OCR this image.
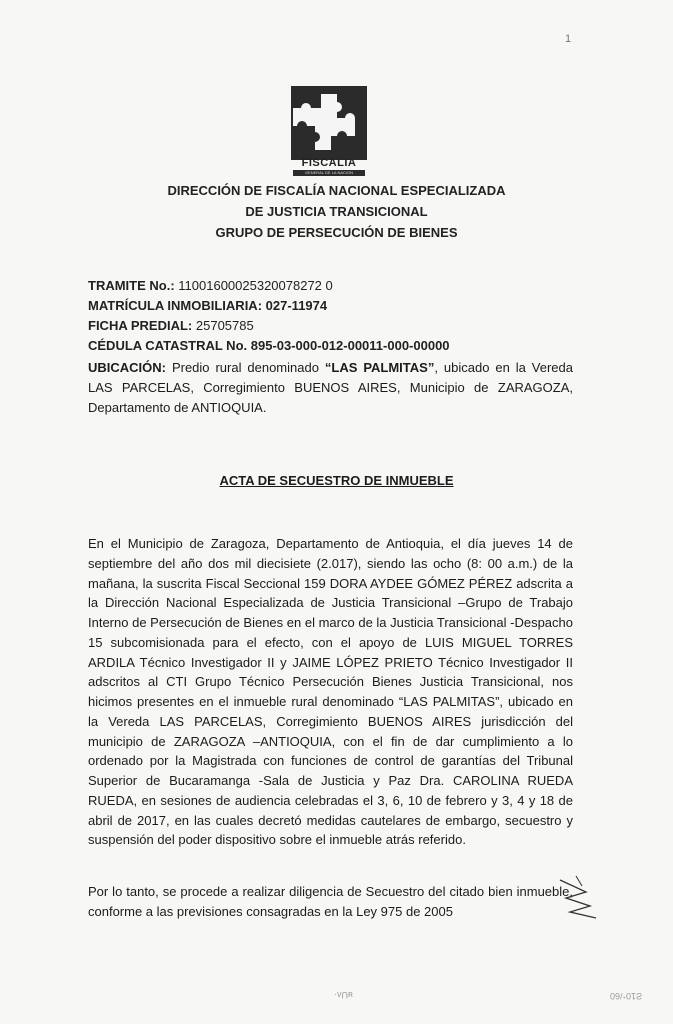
1
FISCALIA
GENERAL DE LA NACION
DIRECCIÓN DE FISCALÍA NACIONAL ESPECIALIZADA
DE JUSTICIA TRANSICIONAL
GRUPO DE PERSECUCIÓN DE BIENES
TRAMITE No.: 11001600025320078272 0
MATRÍCULA INMOBILIARIA: 027-11974
FICHA PREDIAL: 25705785
CÉDULA CATASTRAL No. 895-03-000-012-00011-000-00000
UBICACIÓN: Predio rural denominado “LAS PALMITAS”, ubicado en la Vereda LAS PARCELAS, Corregimiento BUENOS AIRES, Municipio de ZARAGOZA, Departamento de ANTIOQUIA.
ACTA DE SECUESTRO DE INMUEBLE
En el Municipio de Zaragoza, Departamento de Antioquia, el día jueves 14 de septiembre del año dos mil diecisiete (2.017), siendo las ocho (8: 00 a.m.) de la mañana, la suscrita Fiscal Seccional 159 DORA AYDEE GÓMEZ PÉREZ adscrita a la Dirección Nacional Especializada de Justicia Transicional –Grupo de Trabajo Interno de Persecución de Bienes en el marco de la Justicia Transicional -Despacho 15 subcomisionada para el efecto, con el apoyo de LUIS MIGUEL TORRES ARDILA Técnico Investigador II y JAIME LÓPEZ PRIETO Técnico Investigador II adscritos al CTI Grupo Técnico Persecución Bienes Justicia Transicional, nos hicimos presentes en el inmueble rural denominado “LAS PALMITAS”, ubicado en la Vereda LAS PARCELAS, Corregimiento BUENOS AIRES jurisdicción del municipio de ZARAGOZA –ANTIOQUIA, con el fin de dar cumplimiento a lo ordenado por la Magistrada con funciones de control de garantías del Tribunal Superior de Bucaramanga -Sala de Justicia y Paz Dra. CAROLINA RUEDA RUEDA, en sesiones de audiencia celebradas el 3, 6, 10 de febrero y 3, 4 y 18 de abril de 2017, en las cuales decretó medidas cautelares de embargo, secuestro y suspensión del poder dispositivo sobre el inmueble atrás referido.
Por lo tanto, se procede a realizar diligencia de Secuestro del citado bien inmueble, conforme a las previsiones consagradas en la Ley 975 de 2005
ᴚUᴧ·	Ƨ10ᐩ/60
